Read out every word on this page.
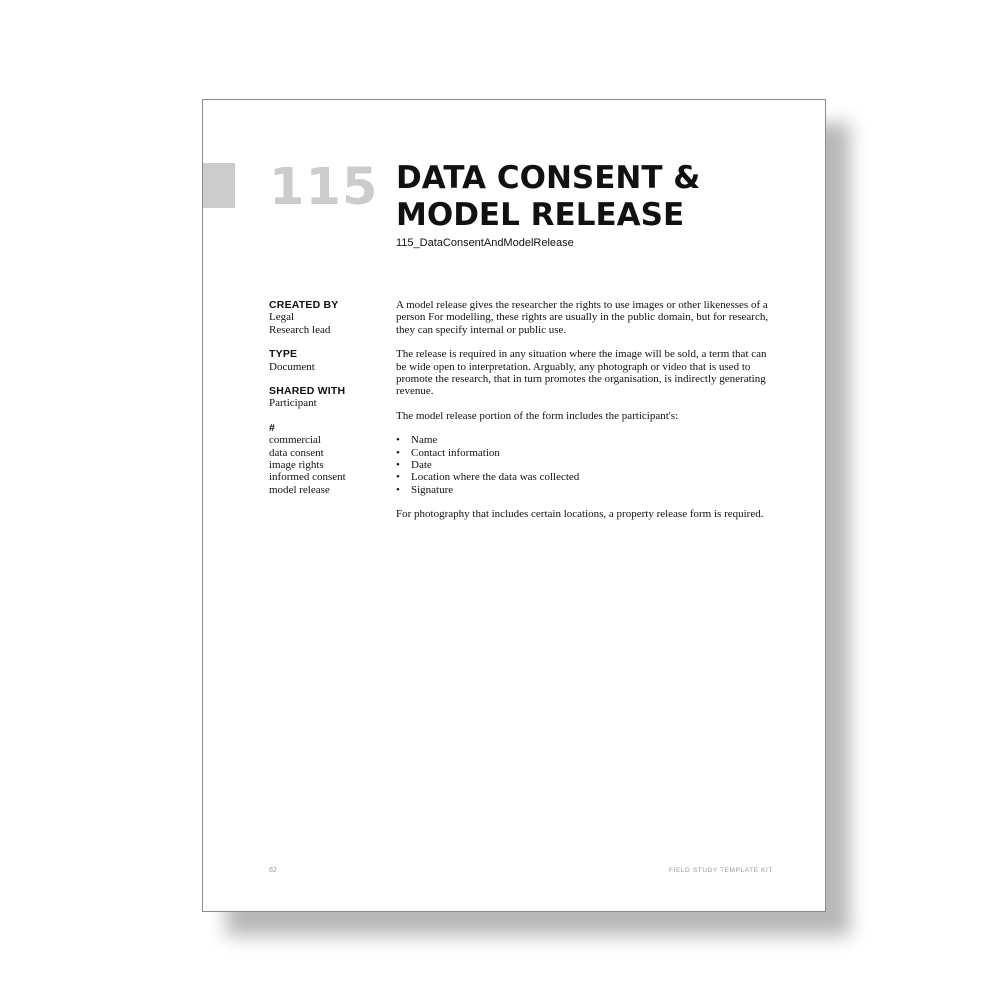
115 DATA CONSENT &
MODEL RELEASE
115_DataConsentAndModelRelease
CREATED BY
Legal
Research lead
TYPE
Document
SHARED WITH
Participant
#
commercial
data consent
image rights
informed consent
model release

A model release gives the researcher the rights to use images or other likenesses of a person For modelling, these rights are usually in the public domain, but for research, they can specify internal or public use.

The release is required in any situation where the image will be sold, a term that can be wide open to interpretation. Arguably, any photograph or video that is used to promote the research, that in turn promotes the organisation, is indirectly generating revenue.

The model release portion of the form includes the participant's:

• Name
• Contact information
• Date
• Location where the data was collected
• Signature

For photography that includes certain locations, a property release form is required.

62	FIELD STUDY TEMPLATE KIT
